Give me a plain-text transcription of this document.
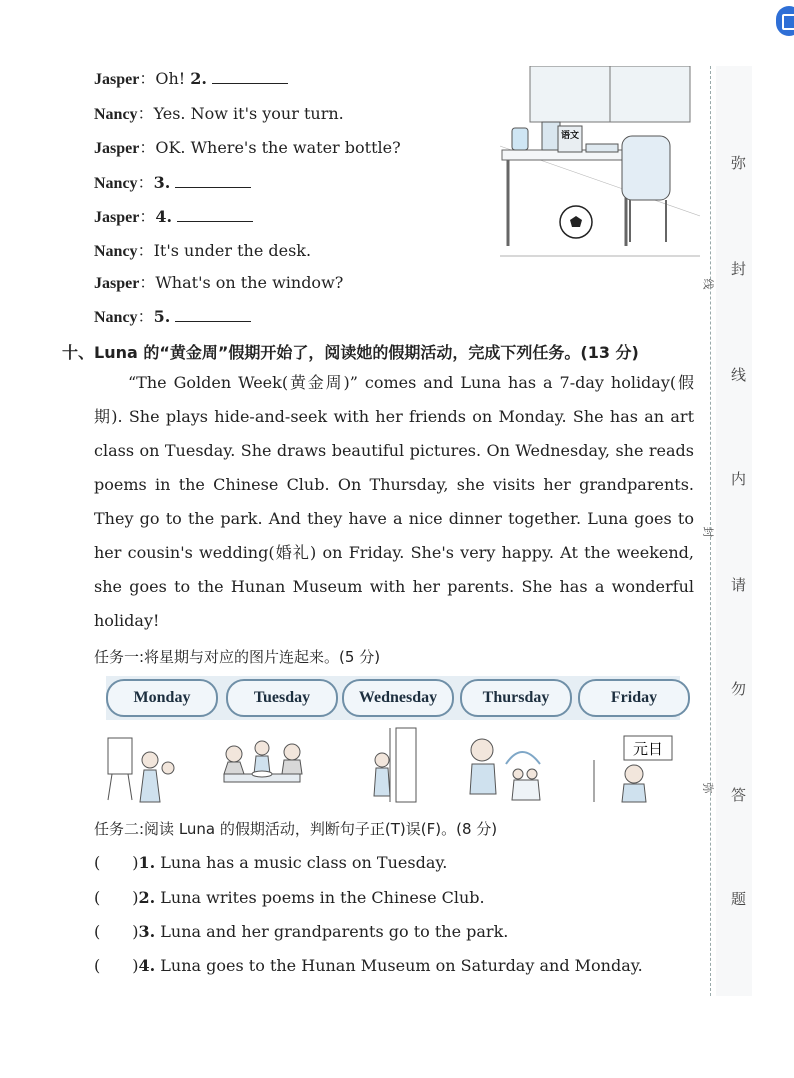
Jasper：Oh! 2.
Nancy：Yes. Now it's your turn.
Jasper：OK. Where's the water bottle?
Nancy：3.
Jasper：4.
Nancy：It's under the desk.
Jasper：What's on the window?
Nancy：5.
语文
十、Luna 的“黄金周”假期开始了，阅读她的假期活动，完成下列任务。(13 分)
“The Golden Week(黄金周)” comes and Luna has a 7-day holiday(假期). She plays hide-and-seek with her friends on Monday. She has an art class on Tuesday. She draws beautiful pictures. On Wednesday, she reads poems in the Chinese Club. On Thursday, she visits her grandparents. They go to the park. And they have a nice dinner together. Luna goes to her cousin's wedding(婚礼) on Friday. She's very happy. At the weekend, she goes to the Hunan Museum with her parents. She has a wonderful holiday!
任务一:将星期与对应的图片连起来。(5 分)
Monday	Tuesday	Wednesday	Thursday	Friday
元日
任务二:阅读 Luna 的假期活动，判断句子正(T)误(F)。(8 分)
(　　)1. Luna has a music class on Tuesday.
(　　)2. Luna writes poems in the Chinese Club.
(　　)3. Luna and her grandparents go to the park.
(　　)4. Luna goes to the Hunan Museum on Saturday and Monday.
弥
封
线
内
请
勿
答
题
线
封
弥
